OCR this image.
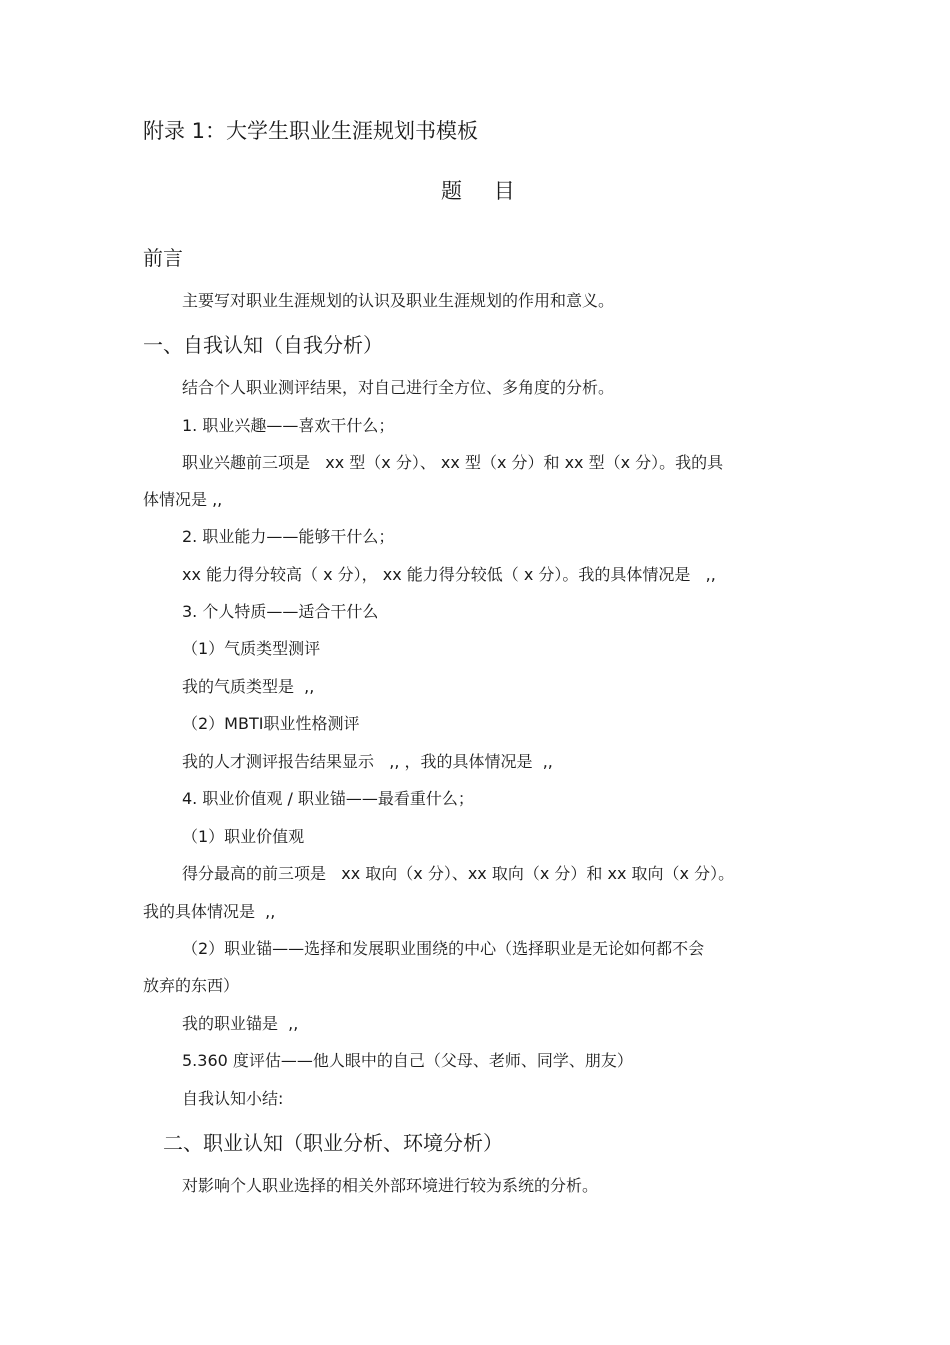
附录 1：大学生职业生涯规划书模板
题    目
前言
主要写对职业生涯规划的认识及职业生涯规划的作用和意义。
一、自我认知（自我分析）
结合个人职业测评结果，对自己进行全方位、多角度的分析。
1. 职业兴趣——喜欢干什么；
职业兴趣前三项是   xx 型（x 分）、 xx 型（x 分）和 xx 型（x 分）。我的具
体情况是 ,,
2. 职业能力——能够干什么；
xx 能力得分较高（ x 分）， xx 能力得分较低（ x 分）。我的具体情况是   ,,
3. 个人特质——适合干什么
（1）气质类型测评
我的气质类型是  ,,
（2）MBTI职业性格测评
我的人才测评报告结果显示   ,, ，我的具体情况是  ,,
4. 职业价值观 / 职业锚——最看重什么；
（1）职业价值观
得分最高的前三项是   xx 取向（x 分）、xx 取向（x 分）和 xx 取向（x 分）。
我的具体情况是  ,,
（2）职业锚——选择和发展职业围绕的中心（选择职业是无论如何都不会
放弃的东西）
我的职业锚是  ,,
5.360 度评估——他人眼中的自己（父母、老师、同学、朋友）
自我认知小结:
二、职业认知（职业分析、环境分析）
对影响个人职业选择的相关外部环境进行较为系统的分析。
